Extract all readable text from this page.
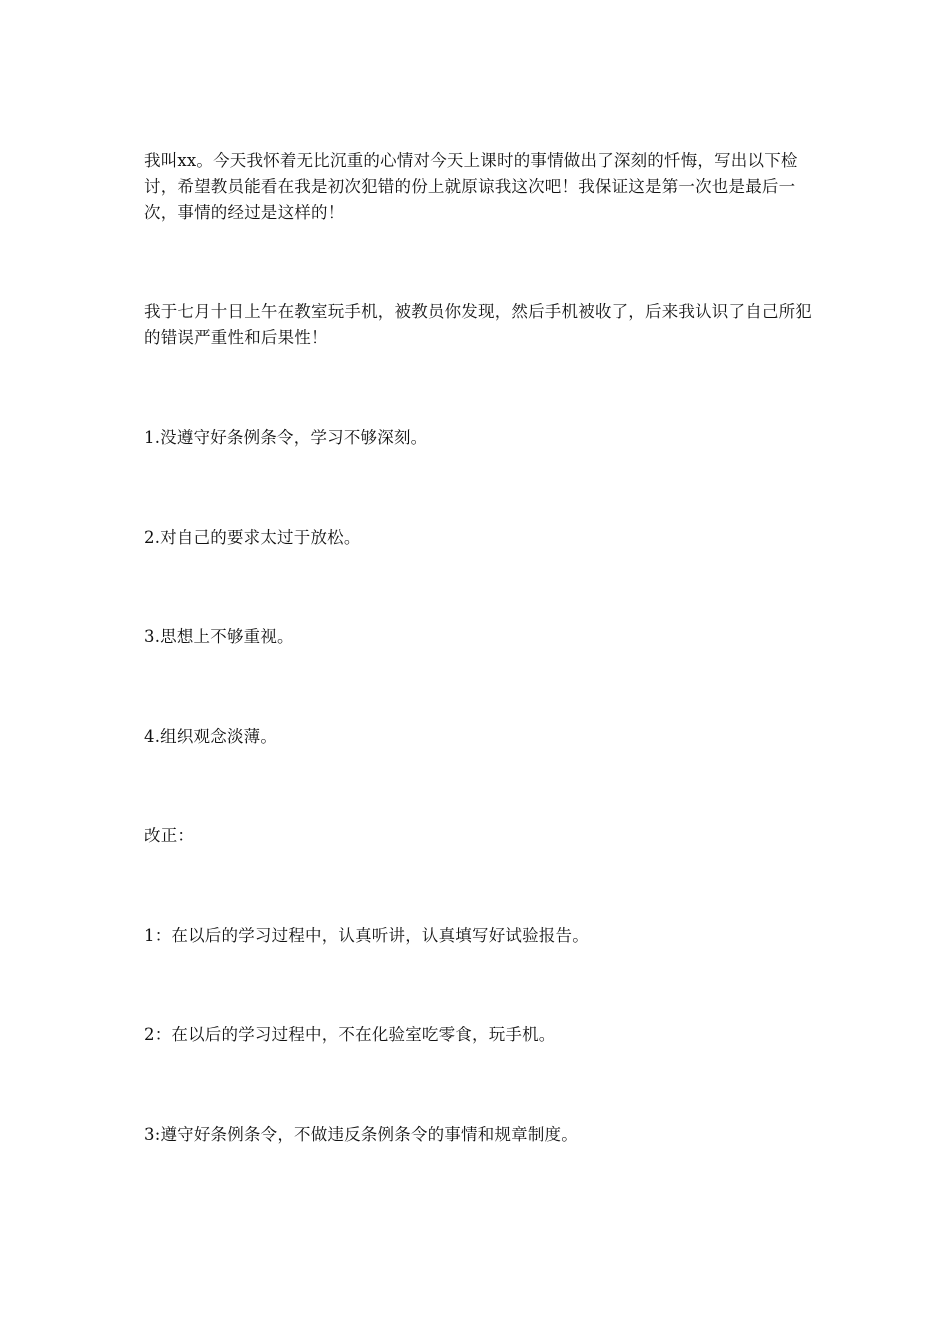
我叫xx。今天我怀着无比沉重的心情对今天上课时的事情做出了深刻的忏悔，写出以下检讨，希望教员能看在我是初次犯错的份上就原谅我这次吧！我保证这是第一次也是最后一次，事情的经过是这样的！

我于七月十日上午在教室玩手机，被教员你发现，然后手机被收了，后来我认识了自己所犯的错误严重性和后果性！

1.没遵守好条例条令，学习不够深刻。

2.对自己的要求太过于放松。

3.思想上不够重视。

4.组织观念淡薄。

改正：

1：在以后的学习过程中，认真听讲，认真填写好试验报告。

2：在以后的学习过程中，不在化验室吃零食，玩手机。

3:遵守好条例条令，不做违反条例条令的事情和规章制度。
